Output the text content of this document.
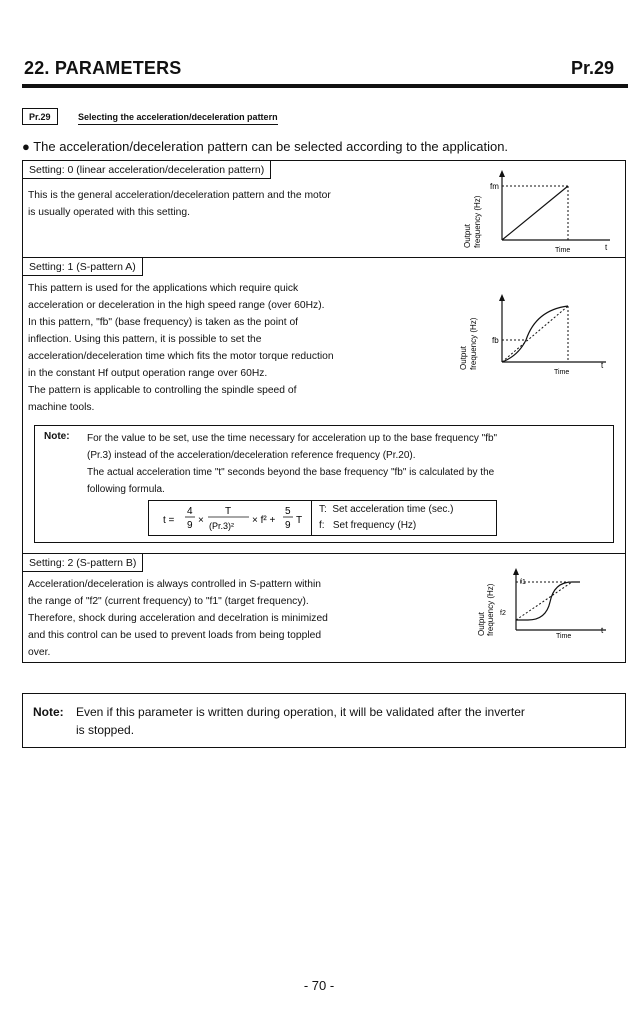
22. PARAMETERS	Pr.29
Pr.29	Selecting the acceleration/deceleration pattern
● The acceleration/deceleration pattern can be selected according to the application.
Setting: 0 (linear acceleration/deceleration pattern)
This is the general acceleration/deceleration pattern and the motor
is usually operated with this setting.
Output frequency (Hz)
fm
Time	t
Setting: 1 (S-pattern A)
This pattern is used for the applications which require quick
acceleration or deceleration in the high speed range (over 60Hz).
In this pattern, "fb" (base frequency) is taken as the point of
inflection. Using this pattern, it is possible to set the
acceleration/deceleration time which fits the motor torque reduction
in the constant Hf output operation range over 60Hz.
The pattern is applicable to controlling the spindle speed of
machine tools.
Output frequency (Hz) fb
Time
t
Note: For the value to be set, use the time necessary for acceleration up to the base frequency "fb"
(Pr.3) instead of the acceleration/deceleration reference frequency (Pr.20).
The actual acceleration time "t" seconds beyond the base frequency "fb" is calculated by the
following formula.
t =
4
9 ×
T
(Pr.3)² × f² +
5
9 T
T:  Set acceleration time (sec.)
f:   Set frequency (Hz)
Setting: 2 (S-pattern B)
Acceleration/deceleration is always controlled in S-pattern within
the range of "f2" (current frequency) to "f1" (target frequency).
Therefore, shock during acceleration and decelration is minimized
and this control can be used to prevent loads from being toppled
over.
Output frequency (Hz)
f1
f2
Time
t
Note: Even if this parameter is written during operation, it will be validated after the inverter
is stopped.
- 70 -
